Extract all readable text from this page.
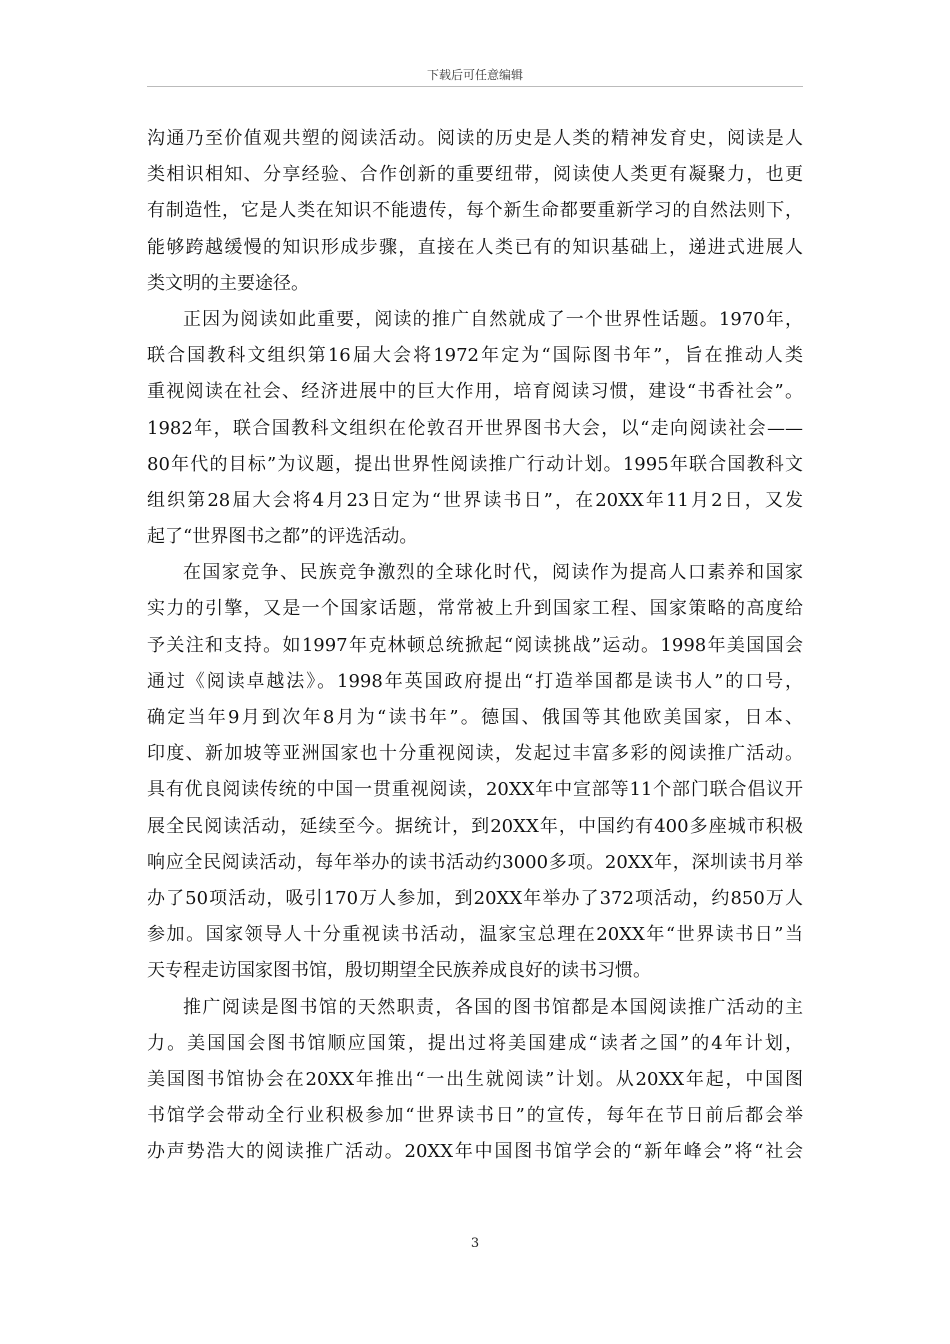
下载后可任意编辑
沟通乃至价值观共塑的阅读活动。阅读的历史是人类的精神发育史，阅读是人
类相识相知、分享经验、合作创新的重要纽带，阅读使人类更有凝聚力，也更
有制造性，它是人类在知识不能遗传，每个新生命都要重新学习的自然法则下，
能够跨越缓慢的知识形成步骤，直接在人类已有的知识基础上，递进式进展人
类文明的主要途径。
正因为阅读如此重要，阅读的推广自然就成了一个世界性话题。1970年，
联合国教科文组织第16届大会将1972年定为“国际图书年”，旨在推动人类
重视阅读在社会、经济进展中的巨大作用，培育阅读习惯，建设“书香社会”。
1982年，联合国教科文组织在伦敦召开世界图书大会，以“走向阅读社会——
80年代的目标”为议题，提出世界性阅读推广行动计划。1995年联合国教科文
组织第28届大会将4月23日定为“世界读书日”，在20XX年11月2日，又发
起了“世界图书之都”的评选活动。
在国家竞争、民族竞争激烈的全球化时代，阅读作为提高人口素养和国家
实力的引擎，又是一个国家话题，常常被上升到国家工程、国家策略的高度给
予关注和支持。如1997年克林顿总统掀起“阅读挑战”运动。1998年美国国会
通过《阅读卓越法》。1998年英国政府提出“打造举国都是读书人”的口号，
确定当年9月到次年8月为“读书年”。德国、俄国等其他欧美国家，日本、
印度、新加坡等亚洲国家也十分重视阅读，发起过丰富多彩的阅读推广活动。
具有优良阅读传统的中国一贯重视阅读，20XX年中宣部等11个部门联合倡议开
展全民阅读活动，延续至今。据统计，到20XX年，中国约有400多座城市积极
响应全民阅读活动，每年举办的读书活动约3000多项。20XX年，深圳读书月举
办了50项活动，吸引170万人参加，到20XX年举办了372项活动，约850万人
参加。国家领导人十分重视读书活动，温家宝总理在20XX年“世界读书日”当
天专程走访国家图书馆，殷切期望全民族养成良好的读书习惯。
推广阅读是图书馆的天然职责，各国的图书馆都是本国阅读推广活动的主
力。美国国会图书馆顺应国策，提出过将美国建成“读者之国”的4年计划，
美国图书馆协会在20XX年推出“一出生就阅读”计划。从20XX年起，中国图
书馆学会带动全行业积极参加“世界读书日”的宣传，每年在节日前后都会举
办声势浩大的阅读推广活动。20XX年中国图书馆学会的“新年峰会”将“社会
3
